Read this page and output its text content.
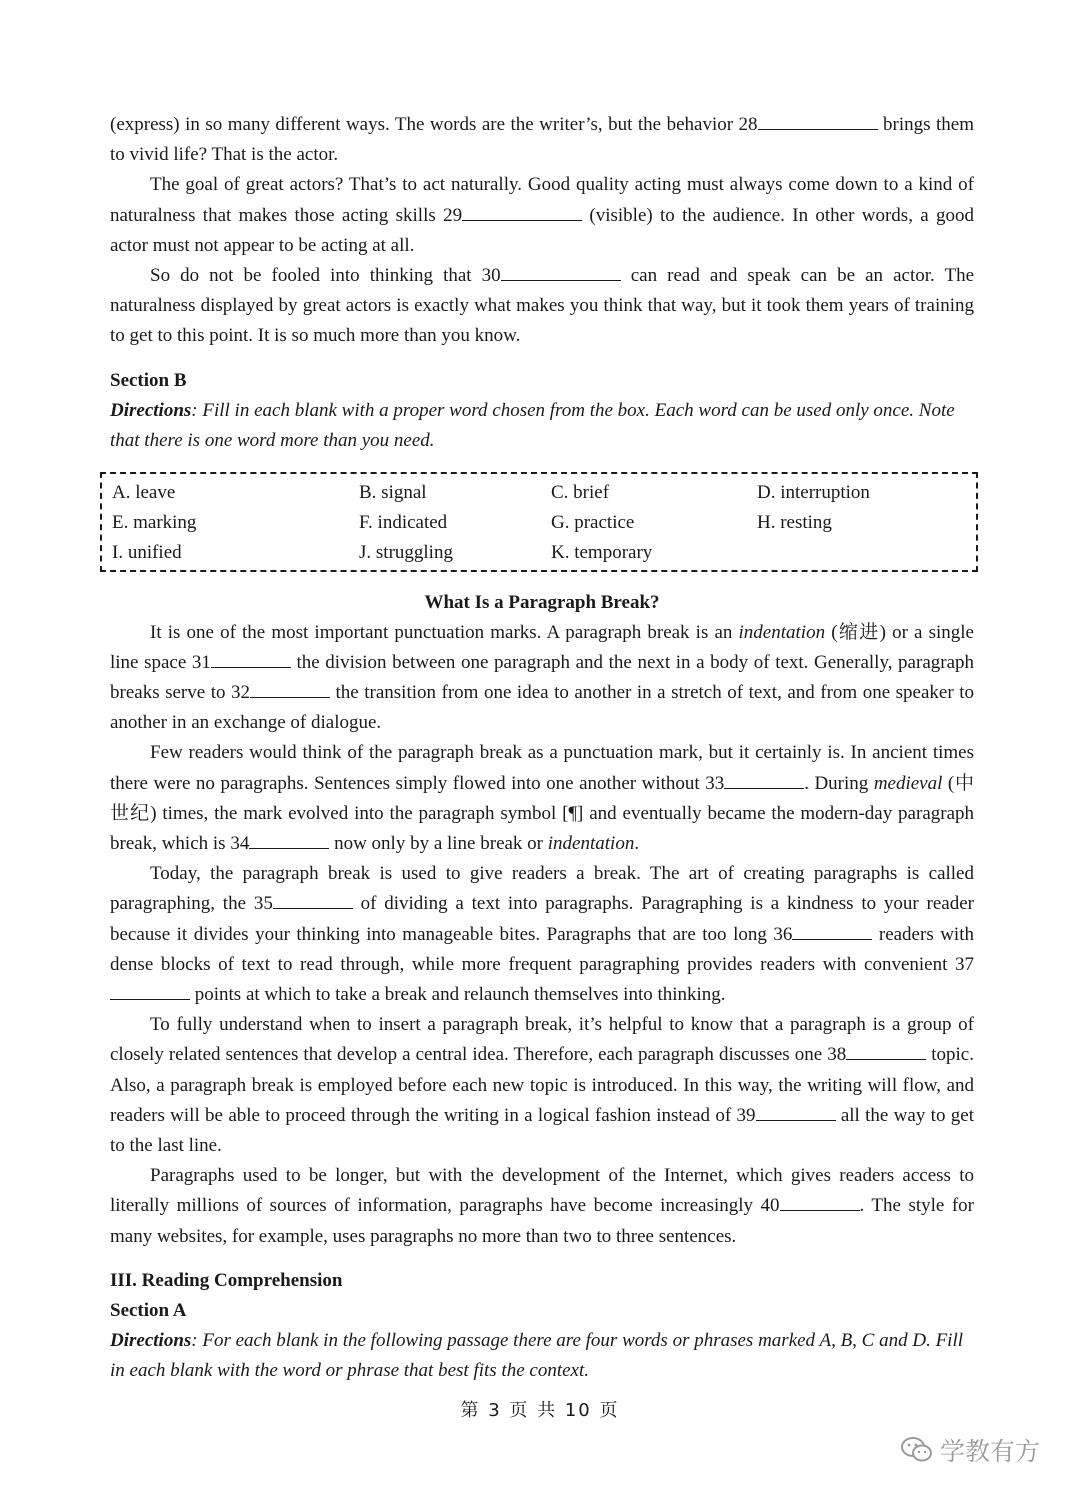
(express) in so many different ways. The words are the writer’s, but the behavior 28	brings them to vivid life? That is the actor.

The goal of great actors? That’s to act naturally. Good quality acting must always come down to a kind of naturalness that makes those acting skills 29	(visible) to the audience. In other words, a good actor must not appear to be acting at all.

So do not be fooled into thinking that 30	can read and speak can be an actor. The naturalness displayed by great actors is exactly what makes you think that way, but it took them years of training to get to this point. It is so much more than you know.

Section B

Directions: Fill in each blank with a proper word chosen from the box. Each word can be used only once. Note that there is one word more than you need.

A. leave	B. signal	C. brief	D. interruption
E. marking	F. indicated	G. practice	H. resting
I. unified	J. struggling	K. temporary
What Is a Paragraph Break?

It is one of the most important punctuation marks. A paragraph break is an indentation (缩进) or a single line space 31	the division between one paragraph and the next in a body of text. Generally, paragraph breaks serve to 32	the transition from one idea to another in a stretch of text, and from one speaker to another in an exchange of dialogue.

Few readers would think of the paragraph break as a punctuation mark, but it certainly is. In ancient times there were no paragraphs. Sentences simply flowed into one another without 33	. During medieval (中世纪) times, the mark evolved into the paragraph symbol [¶] and eventually became the modern-day paragraph break, which is 34	now only by a line break or indentation.

Today, the paragraph break is used to give readers a break. The art of creating paragraphs is called paragraphing, the 35	of dividing a text into paragraphs. Paragraphing is a kindness to your reader because it divides your thinking into manageable bites. Paragraphs that are too long 36	readers with dense blocks of text to read through, while more frequent paragraphing provides readers with convenient 37 points at which to take a break and relaunch themselves into thinking.

To fully understand when to insert a paragraph break, it’s helpful to know that a paragraph is a group of closely related sentences that develop a central idea. Therefore, each paragraph discusses one 38	topic. Also, a paragraph break is employed before each new topic is introduced. In this way, the writing will flow, and readers will be able to proceed through the writing in a logical fashion instead of 39	all the way to get to the last line.

Paragraphs used to be longer, but with the development of the Internet, which gives readers access to literally millions of sources of information, paragraphs have become increasingly 40	. The style for many websites, for example, uses paragraphs no more than two to three sentences.

III. Reading Comprehension
Section A

Directions: For each blank in the following passage there are four words or phrases marked A, B, C and D. Fill in each blank with the word or phrase that best fits the context.

第 3 页 共 10 页
学教有方
